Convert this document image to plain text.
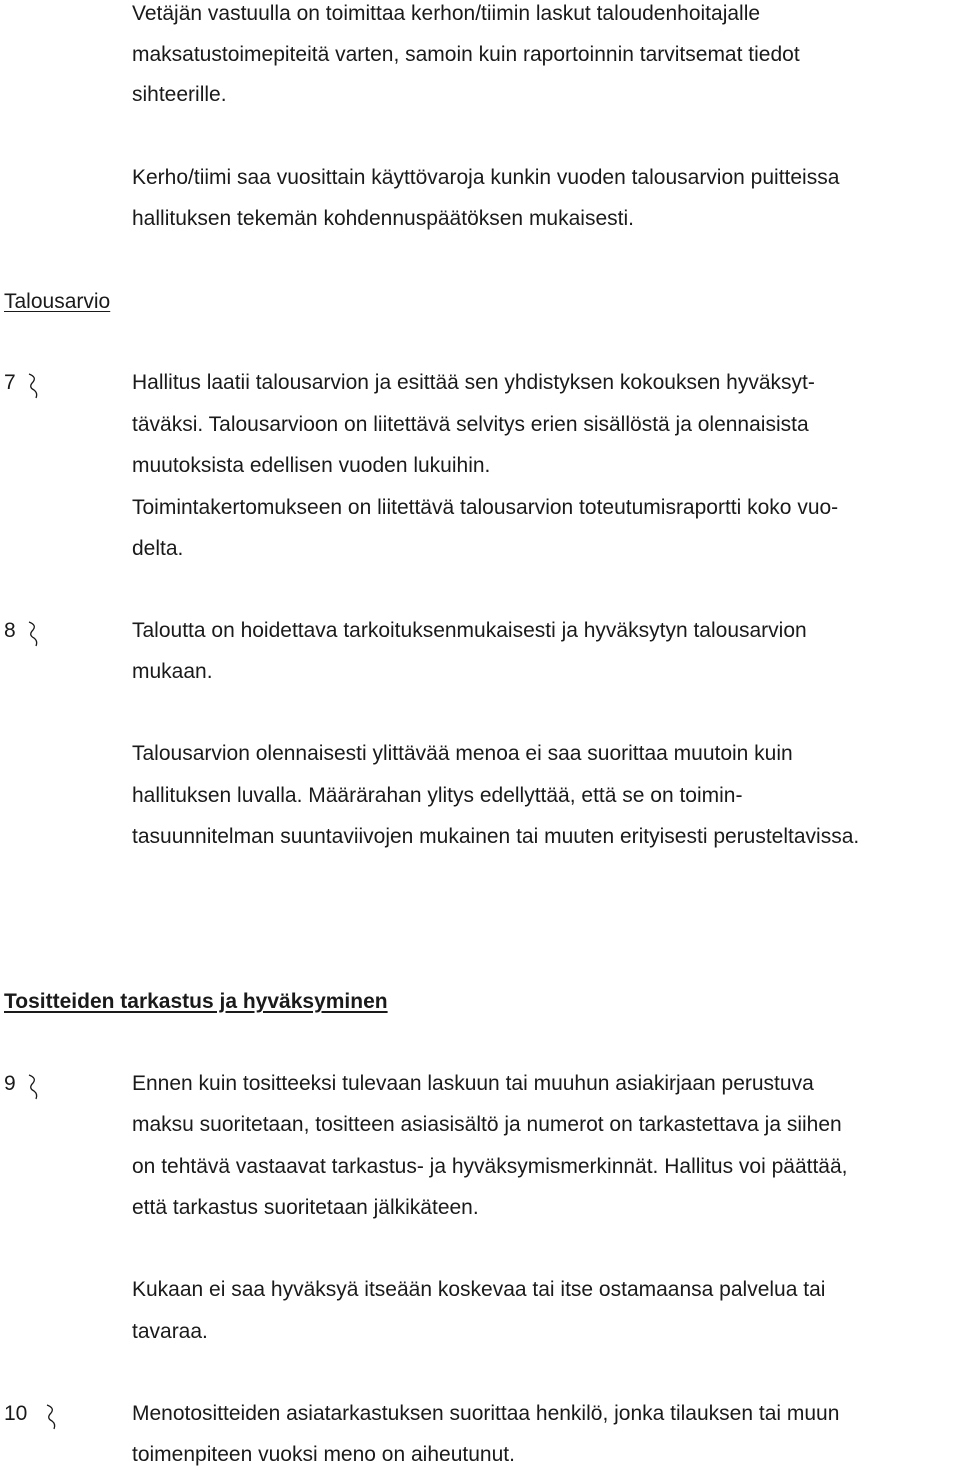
Vetäjän vastuulla on toimittaa kerhon/tiimin laskut taloudenhoitajalle
maksatustoimepiteitä varten, samoin kuin raportoinnin tarvitsemat tiedot
sihteerille.
Kerho/tiimi saa vuosittain käyttövaroja kunkin vuoden talousarvion puitteissa
hallituksen tekemän kohdennuspäätöksen mukaisesti.
Talousarvio
7	Hallitus laatii talousarvion ja esittää sen yhdistyksen kokouksen hyväksyt-
täväksi. Talousarvioon on liitettävä selvitys erien sisällöstä ja olennaisista
muutoksista edellisen vuoden lukuihin.
Toimintakertomukseen on liitettävä talousarvion toteutumisraportti koko vuo-
delta.
8	Taloutta on hoidettava tarkoituksenmukaisesti ja hyväksytyn talousarvion
mukaan.
Talousarvion olennaisesti ylittävää menoa ei saa suorittaa muutoin kuin
hallituksen luvalla. Määrärahan ylitys edellyttää, että se on toimin-
tasuunnitelman suuntaviivojen mukainen tai muuten erityisesti perusteltavissa.
Tositteiden tarkastus ja hyväksyminen
9	Ennen kuin tositteeksi tulevaan laskuun tai muuhun asiakirjaan perustuva
maksu suoritetaan, tositteen asiasisältö ja numerot on tarkastettava ja siihen
on tehtävä vastaavat tarkastus- ja hyväksymismerkinnät. Hallitus voi päättää,
että tarkastus suoritetaan jälkikäteen.
Kukaan ei saa hyväksyä itseään koskevaa tai itse ostamaansa palvelua tai
tavaraa.
10	Menotositteiden asiatarkastuksen suorittaa henkilö, jonka tilauksen tai muun
toimenpiteen vuoksi meno on aiheutunut.
